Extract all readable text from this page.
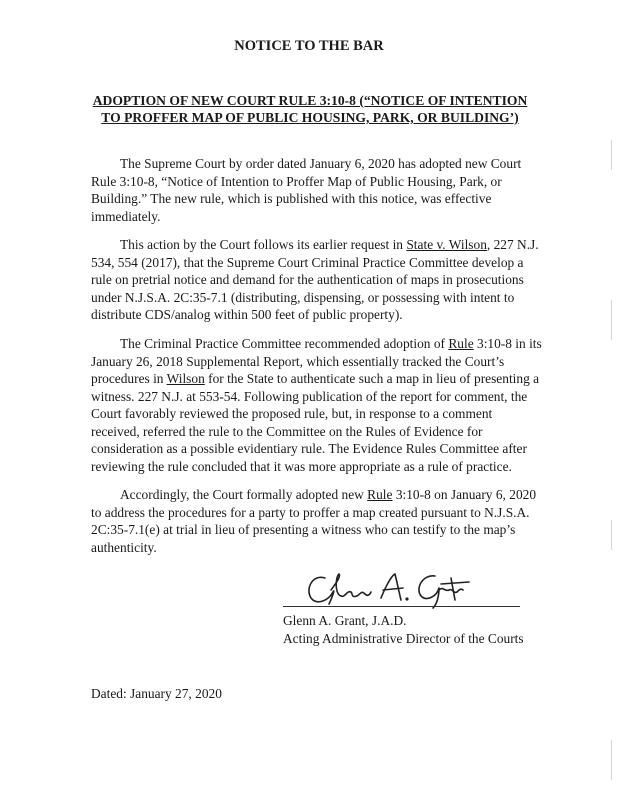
NOTICE TO THE BAR
ADOPTION OF NEW COURT RULE 3:10-8 (“NOTICE OF INTENTION
TO PROFFER MAP OF PUBLIC HOUSING, PARK, OR BUILDING’)

The Supreme Court by order dated January 6, 2020 has adopted new Court Rule 3:10-8, “Notice of Intention to Proffer Map of Public Housing, Park, or Building.” The new rule, which is published with this notice, was effective immediately.

This action by the Court follows its earlier request in State v. Wilson, 227 N.J. 534, 554 (2017), that the Supreme Court Criminal Practice Committee develop a rule on pretrial notice and demand for the authentication of maps in prosecutions under N.J.S.A. 2C:35-7.1 (distributing, dispensing, or possessing with intent to distribute CDS/analog within 500 feet of public property).

The Criminal Practice Committee recommended adoption of Rule 3:10-8 in its January 26, 2018 Supplemental Report, which essentially tracked the Court’s procedures in Wilson for the State to authenticate such a map in lieu of presenting a witness. 227 N.J. at 553-54. Following publication of the report for comment, the Court favorably reviewed the proposed rule, but, in response to a comment received, referred the rule to the Committee on the Rules of Evidence for consideration as a possible evidentiary rule. The Evidence Rules Committee after reviewing the rule concluded that it was more appropriate as a rule of practice.

Accordingly, the Court formally adopted new Rule 3:10-8 on January 6, 2020 to address the procedures for a party to proffer a map created pursuant to N.J.S.A. 2C:35-7.1(e) at trial in lieu of presenting a witness who can testify to the map’s authenticity.

Glenn A. Grant, J.A.D.
Acting Administrative Director of the Courts
Dated: January 27, 2020
